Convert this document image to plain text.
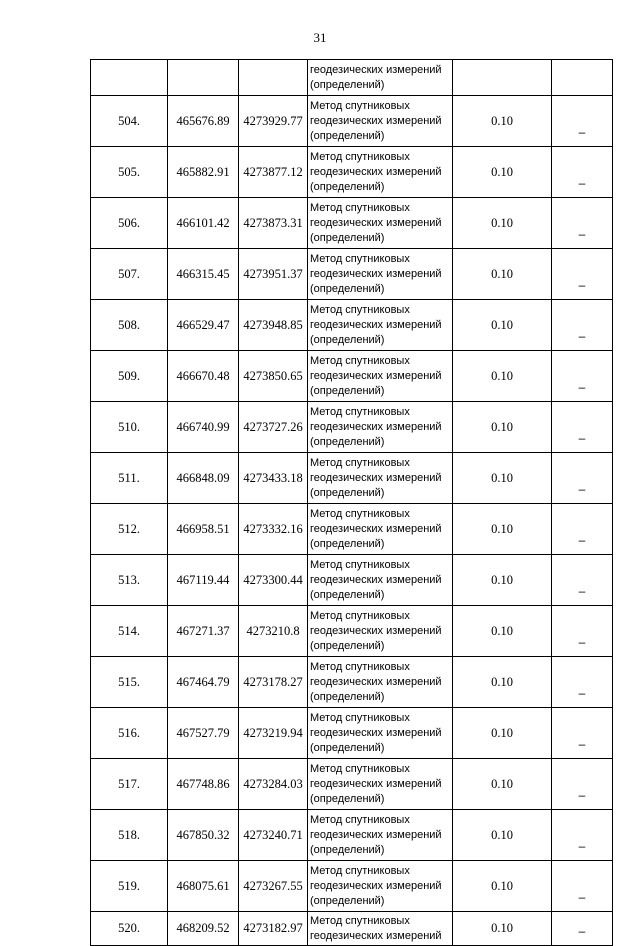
31
			геодезических измерений (определений)		
504.	465676.89	4273929.77	Метод спутниковых геодезических измерений (определений)	0.10	–
505.	465882.91	4273877.12	Метод спутниковых геодезических измерений (определений)	0.10	–
506.	466101.42	4273873.31	Метод спутниковых геодезических измерений (определений)	0.10	–
507.	466315.45	4273951.37	Метод спутниковых геодезических измерений (определений)	0.10	–
508.	466529.47	4273948.85	Метод спутниковых геодезических измерений (определений)	0.10	–
509.	466670.48	4273850.65	Метод спутниковых геодезических измерений (определений)	0.10	–
510.	466740.99	4273727.26	Метод спутниковых геодезических измерений (определений)	0.10	–
511.	466848.09	4273433.18	Метод спутниковых геодезических измерений (определений)	0.10	–
512.	466958.51	4273332.16	Метод спутниковых геодезических измерений (определений)	0.10	–
513.	467119.44	4273300.44	Метод спутниковых геодезических измерений (определений)	0.10	–
514.	467271.37	4273210.8	Метод спутниковых геодезических измерений (определений)	0.10	–
515.	467464.79	4273178.27	Метод спутниковых геодезических измерений (определений)	0.10	–
516.	467527.79	4273219.94	Метод спутниковых геодезических измерений (определений)	0.10	–
517.	467748.86	4273284.03	Метод спутниковых геодезических измерений (определений)	0.10	–
518.	467850.32	4273240.71	Метод спутниковых геодезических измерений (определений)	0.10	–
519.	468075.61	4273267.55	Метод спутниковых геодезических измерений (определений)	0.10	–
520.	468209.52	4273182.97	Метод спутниковых геодезических измерений	0.10	–
